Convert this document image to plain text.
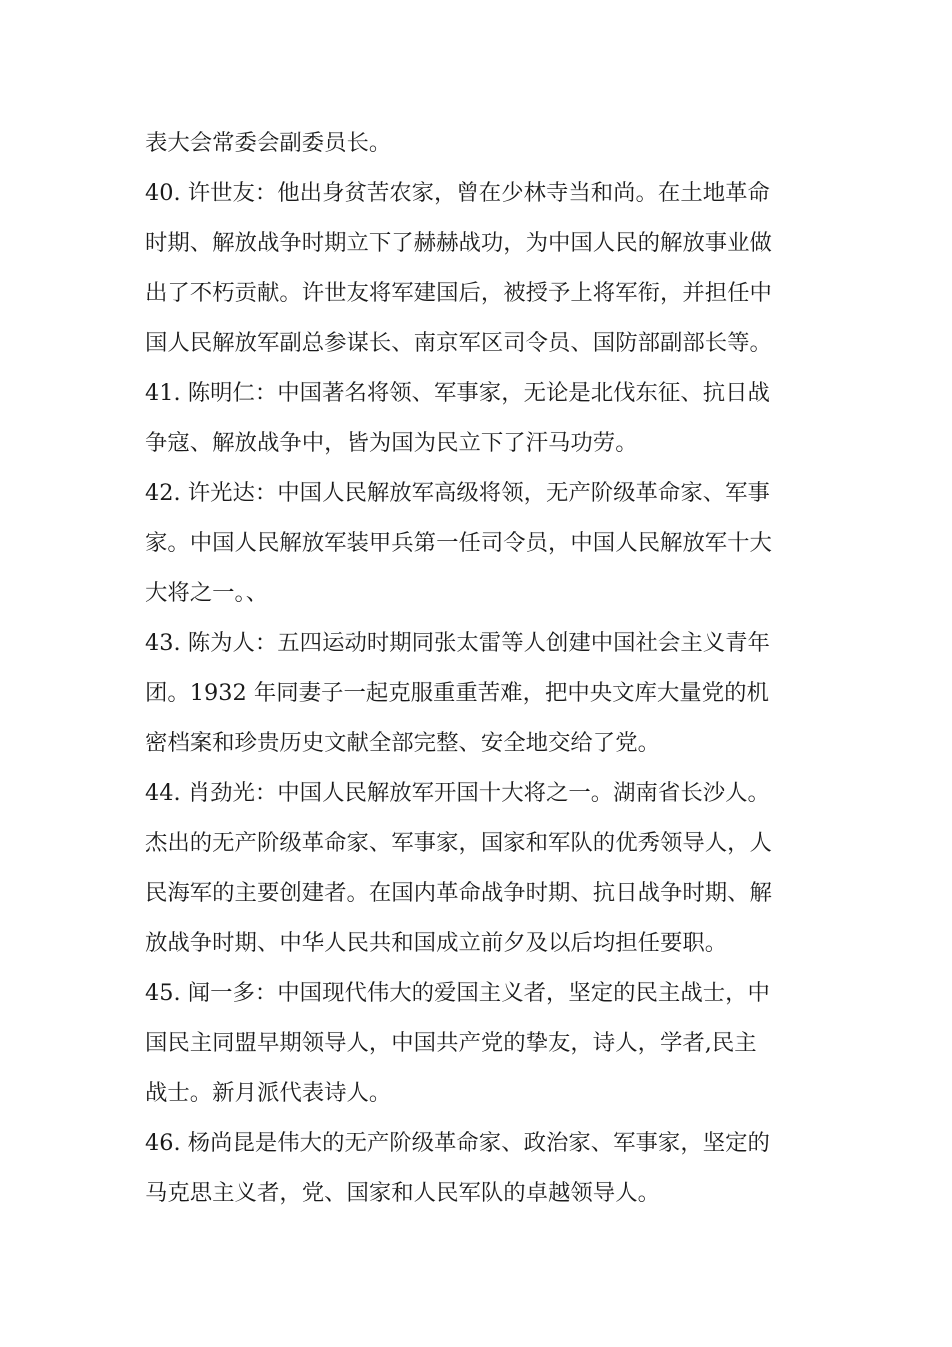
表大会常委会副委员长。
40. 许世友：他出身贫苦农家，曾在少林寺当和尚。在土地革命
时期、解放战争时期立下了赫赫战功，为中国人民的解放事业做
出了不朽贡献。许世友将军建国后，被授予上将军衔，并担任中
国人民解放军副总参谋长、南京军区司令员、国防部副部长等。
41. 陈明仁：中国著名将领、军事家，无论是北伐东征、抗日战
争寇、解放战争中，皆为国为民立下了汗马功劳。
42. 许光达：中国人民解放军高级将领，无产阶级革命家、军事
家。中国人民解放军装甲兵第一任司令员，中国人民解放军十大
大将之一。、
43. 陈为人：五四运动时期同张太雷等人创建中国社会主义青年
团。1932 年同妻子一起克服重重苦难，把中央文库大量党的机
密档案和珍贵历史文献全部完整、安全地交给了党。
44. 肖劲光：中国人民解放军开国十大将之一。湖南省长沙人。
杰出的无产阶级革命家、军事家，国家和军队的优秀领导人，人
民海军的主要创建者。在国内革命战争时期、抗日战争时期、解
放战争时期、中华人民共和国成立前夕及以后均担任要职。
45. 闻一多：中国现代伟大的爱国主义者，坚定的民主战士，中
国民主同盟早期领导人，中国共产党的挚友，诗人，学者,民主
战士。新月派代表诗人。
46. 杨尚昆是伟大的无产阶级革命家、政治家、军事家，坚定的
马克思主义者，党、国家和人民军队的卓越领导人。
